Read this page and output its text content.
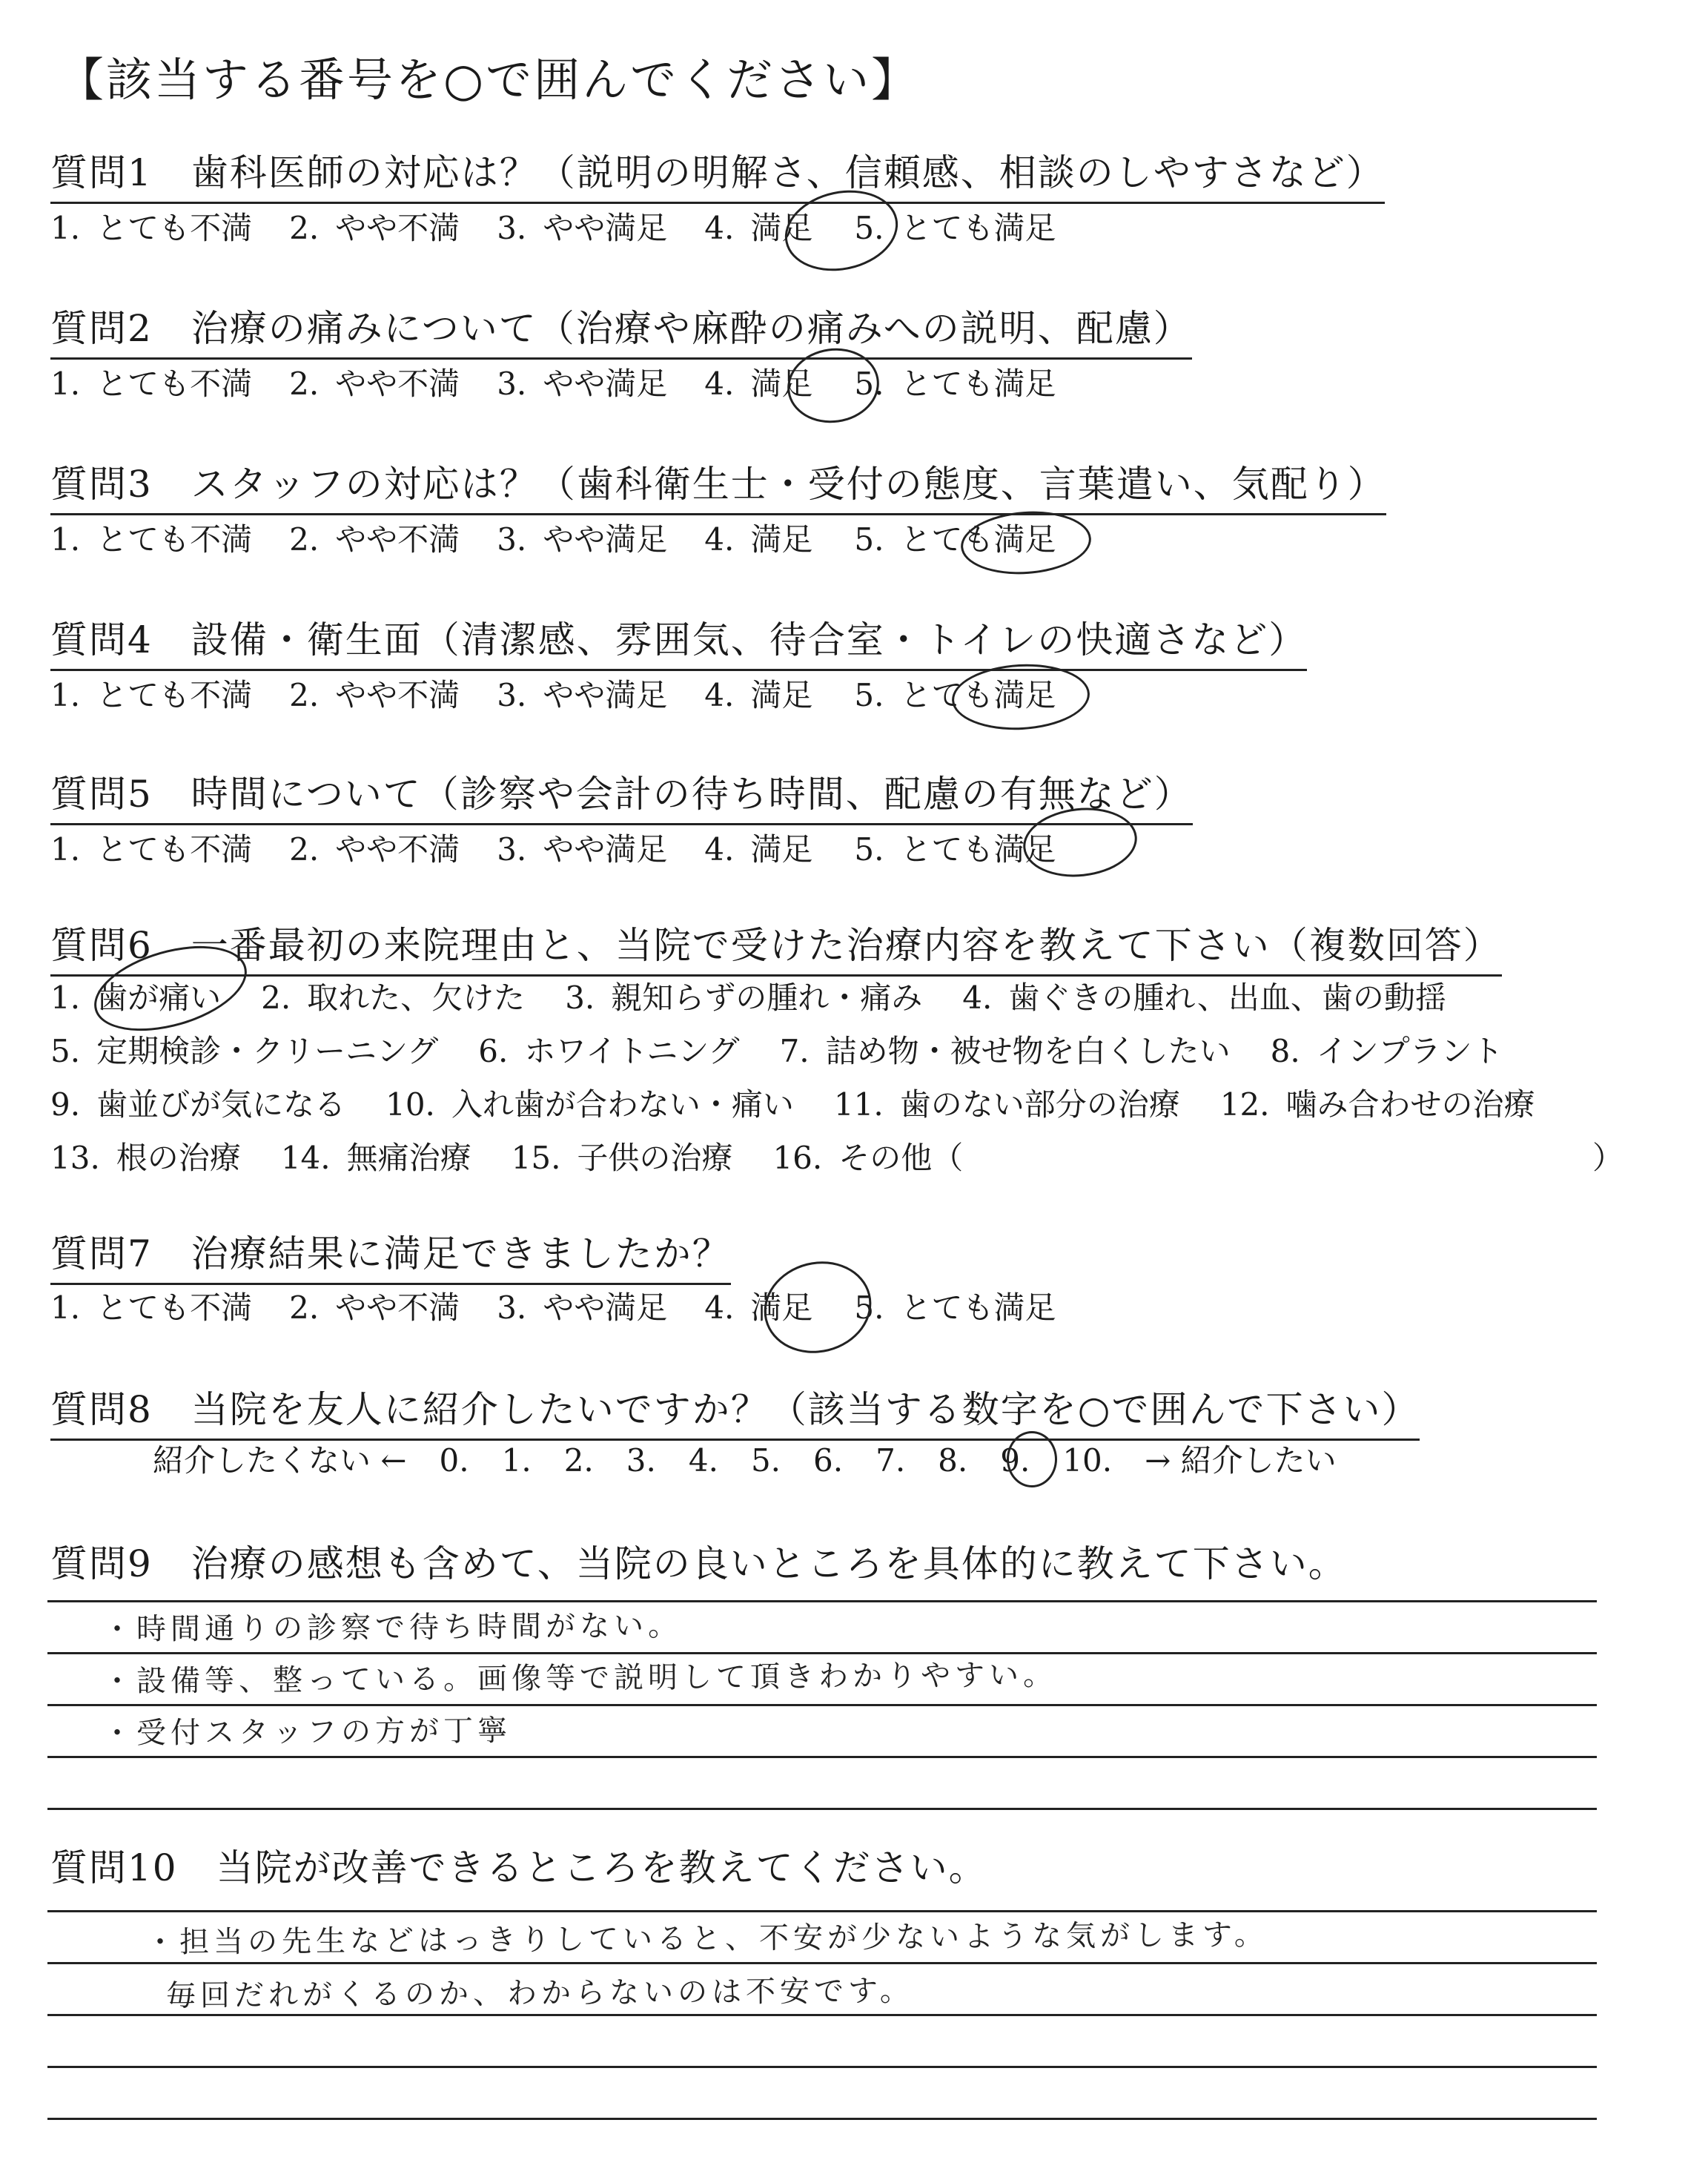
【該当する番号を○で囲んでください】
質問1　歯科医師の対応は？（説明の明解さ、信頼感、相談のしやすさなど）
1. とても不満 2. やや不満 3. やや満足 4. 満足 5. とても満足
質問2　治療の痛みについて（治療や麻酔の痛みへの説明、配慮）
1. とても不満 2. やや不満 3. やや満足 4. 満足 5. とても満足
質問3　スタッフの対応は？（歯科衛生士・受付の態度、言葉遣い、気配り）
1. とても不満 2. やや不満 3. やや満足 4. 満足 5. とても満足
質問4　設備・衛生面（清潔感、雰囲気、待合室・トイレの快適さなど）
1. とても不満 2. やや不満 3. やや満足 4. 満足 5. とても満足
質問5　時間について（診察や会計の待ち時間、配慮の有無など）
1. とても不満 2. やや不満 3. やや満足 4. 満足 5. とても満足
質問6　一番最初の来院理由と、当院で受けた治療内容を教えて下さい（複数回答）
1. 歯が痛い 2. 取れた、欠けた 3. 親知らずの腫れ・痛み 4. 歯ぐきの腫れ、出血、歯の動揺
5. 定期検診・クリーニング 6. ホワイトニング 7. 詰め物・被せ物を白くしたい 8. インプラント
9. 歯並びが気になる 10. 入れ歯が合わない・痛い 11. 歯のない部分の治療 12. 噛み合わせの治療
13. 根の治療 14. 無痛治療 15. 子供の治療 16. その他（	）
質問7　治療結果に満足できましたか？
1. とても不満 2. やや不満 3. やや満足 4. 満足 5. とても満足
質問8　当院を友人に紹介したいですか？（該当する数字を○で囲んで下さい）
紹介したくない ← 0. 1. 2. 3. 4. 5. 6. 7. 8. 9. 10. → 紹介したい
質問9　治療の感想も含めて、当院の良いところを具体的に教えて下さい。
・時間通りの診察で待ち時間がない。
・設備等、整っている。画像等で説明して頂きわかりやすい。
・受付スタッフの方が丁寧
質問10　当院が改善できるところを教えてください。
・担当の先生などはっきりしていると、不安が少ないような気がします。
毎回だれがくるのか、わからないのは不安です。
